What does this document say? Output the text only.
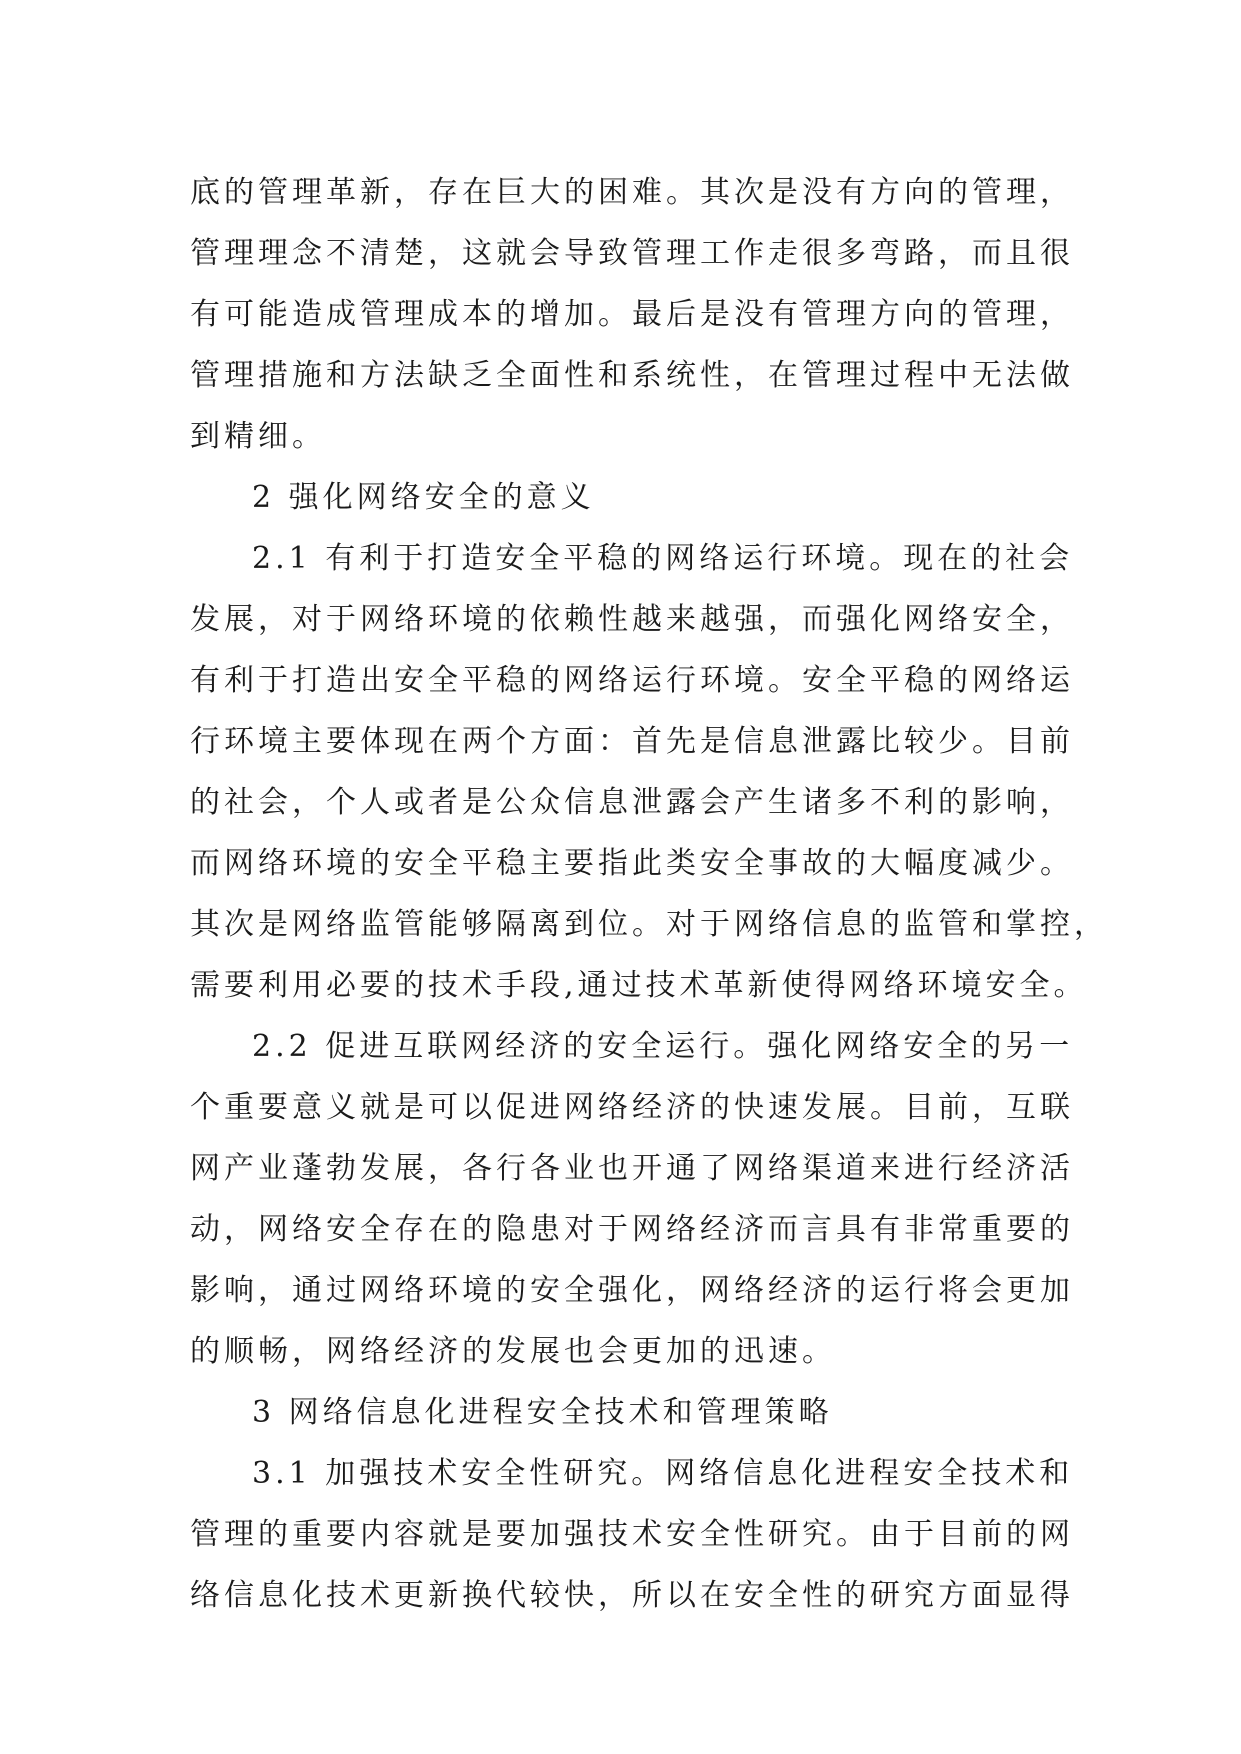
底的管理革新，存在巨大的困难。其次是没有方向的管理，
管理理念不清楚，这就会导致管理工作走很多弯路，而且很
有可能造成管理成本的增加。最后是没有管理方向的管理，
管理措施和方法缺乏全面性和系统性，在管理过程中无法做
到精细。
2 强化网络安全的意义
2.1 有利于打造安全平稳的网络运行环境。现在的社会
发展，对于网络环境的依赖性越来越强，而强化网络安全，
有利于打造出安全平稳的网络运行环境。安全平稳的网络运
行环境主要体现在两个方面：首先是信息泄露比较少。目前
的社会，个人或者是公众信息泄露会产生诸多不利的影响，
而网络环境的安全平稳主要指此类安全事故的大幅度减少。
其次是网络监管能够隔离到位。对于网络信息的监管和掌控，
需要利用必要的技术手段,通过技术革新使得网络环境安全。
2.2 促进互联网经济的安全运行。强化网络安全的另一
个重要意义就是可以促进网络经济的快速发展。目前，互联
网产业蓬勃发展，各行各业也开通了网络渠道来进行经济活
动，网络安全存在的隐患对于网络经济而言具有非常重要的
影响，通过网络环境的安全强化，网络经济的运行将会更加
的顺畅，网络经济的发展也会更加的迅速。
3 网络信息化进程安全技术和管理策略
3.1 加强技术安全性研究。网络信息化进程安全技术和
管理的重要内容就是要加强技术安全性研究。由于目前的网
络信息化技术更新换代较快，所以在安全性的研究方面显得
